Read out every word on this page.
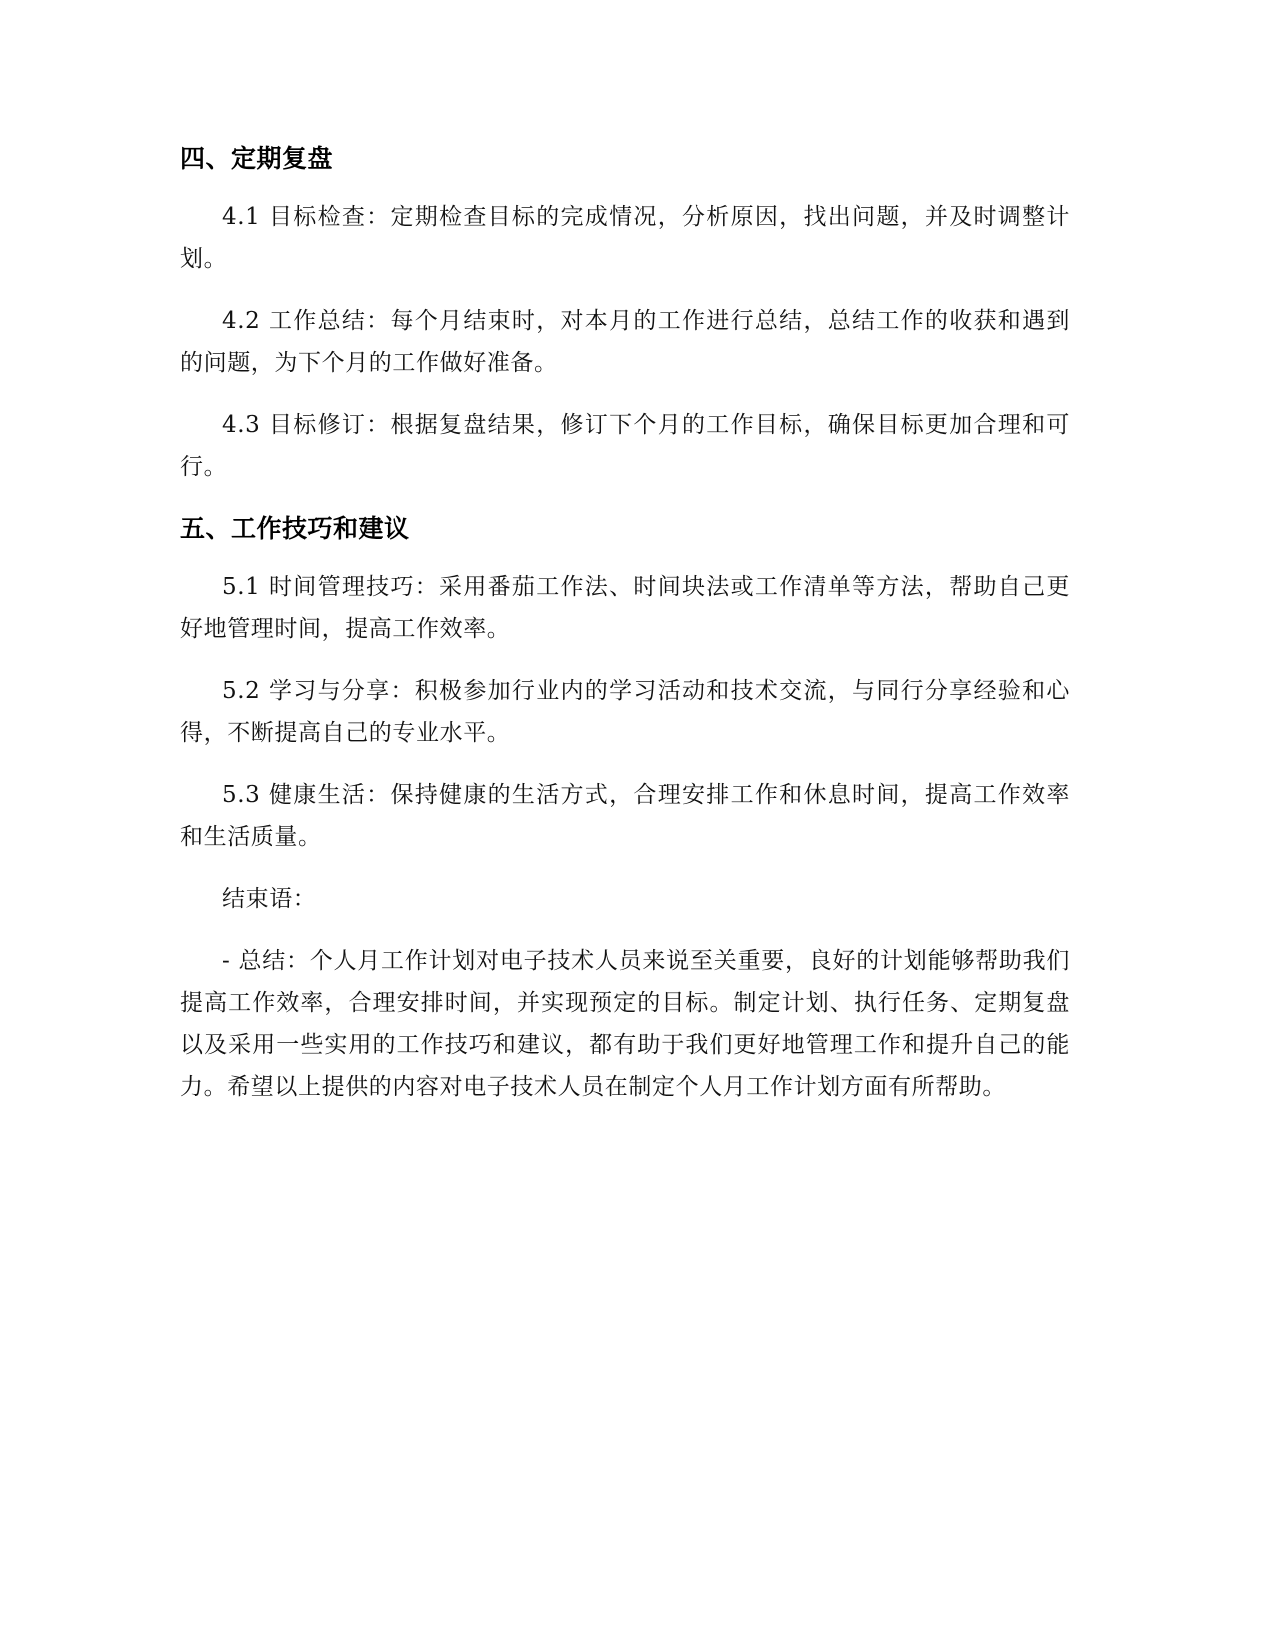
四、定期复盘

4.1 目标检查：定期检查目标的完成情况，分析原因，找出问题，并及时调整计划。

4.2 工作总结：每个月结束时，对本月的工作进行总结，总结工作的收获和遇到的问题，为下个月的工作做好准备。

4.3 目标修订：根据复盘结果，修订下个月的工作目标，确保目标更加合理和可行。

五、工作技巧和建议

5.1 时间管理技巧：采用番茄工作法、时间块法或工作清单等方法，帮助自己更好地管理时间，提高工作效率。

5.2 学习与分享：积极参加行业内的学习活动和技术交流，与同行分享经验和心得，不断提高自己的专业水平。

5.3 健康生活：保持健康的生活方式，合理安排工作和休息时间，提高工作效率和生活质量。

结束语：

- 总结：个人月工作计划对电子技术人员来说至关重要，良好的计划能够帮助我们提高工作效率，合理安排时间，并实现预定的目标。制定计划、执行任务、定期复盘以及采用一些实用的工作技巧和建议，都有助于我们更好地管理工作和提升自己的能力。希望以上提供的内容对电子技术人员在制定个人月工作计划方面有所帮助。
